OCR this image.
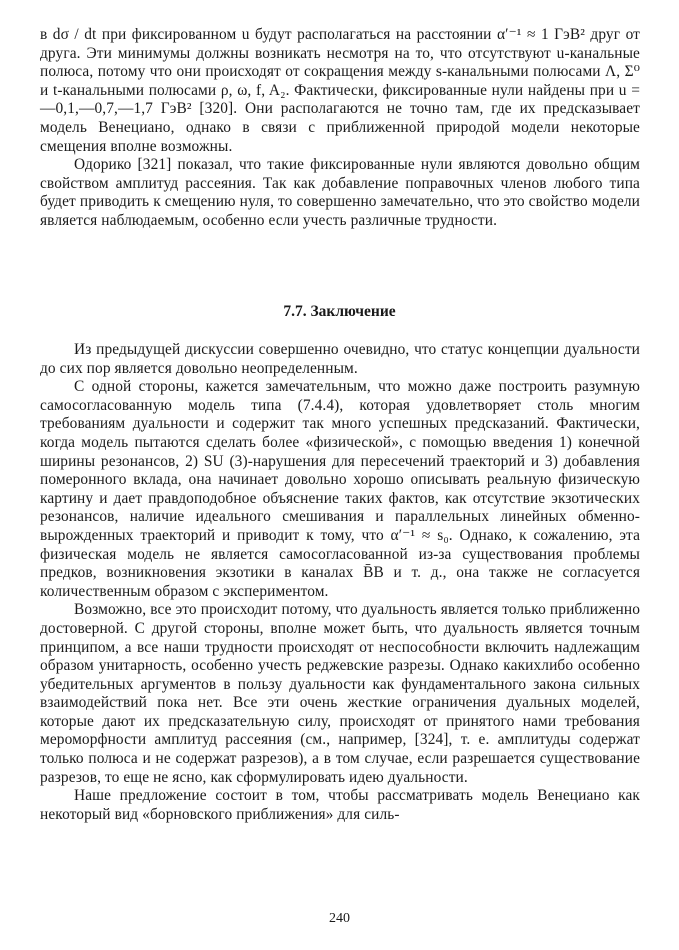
в dσ / dt при фиксированном u будут располагаться на расстоянии α′⁻¹ ≈ 1 ГэВ² друг от друга. Эти минимумы должны возникать несмотря на то, что отсутствуют u-канальные полюса, потому что они происходят от сокращения между s-канальными полюсами Λ, Σ⁰ и t-канальными полюсами ρ, ω, f, A₂. Фактически, фиксированные нули найдены при u = —0,1,—0,7,—1,7 ГэВ² [320]. Они располагаются не точно там, где их предсказывает модель Венециано, однако в связи с приближенной природой модели некоторые смещения вполне возможны.

Одорико [321] показал, что такие фиксированные нули являются довольно общим свойством амплитуд рассеяния. Так как добавление поправочных членов любого типа будет приводить к смещению нуля, то совершенно замечательно, что это свойство модели является наблюдаемым, особенно если учесть различные трудности.

7.7. Заключение

Из предыдущей дискуссии совершенно очевидно, что статус концепции дуальности до сих пор является довольно неопределенным.

С одной стороны, кажется замечательным, что можно даже построить разумную самосогласованную модель типа (7.4.4), которая удовлетворяет столь многим требованиям дуальности и содержит так много успешных предсказаний. Фактически, когда модель пытаются сделать более «физической», с помощью введения 1) конечной ширины резонансов, 2) SU (3)-нарушения для пересечений траекторий и 3) добавления померонного вклада, она начинает довольно хорошо описывать реальную физическую картину и дает правдоподобное объяснение таких фактов, как отсутствие экзотических резонансов, наличие идеального смешивания и параллельных линейных обменно-вырожденных траекторий и приводит к тому, что α′⁻¹ ≈ s₀. Однако, к сожалению, эта физическая модель не является самосогласованной из-за существования проблемы предков, возникновения экзотики в каналах B̄B и т. д., она также не согласуется количественным образом с экспериментом.

Возможно, все это происходит потому, что дуальность является только приближенно достоверной. С другой стороны, вполне может быть, что дуальность является точным принципом, а все наши трудности происходят от неспособности включить надлежащим образом унитарность, особенно учесть реджевские разрезы. Однако какихлибо особенно убедительных аргументов в пользу дуальности как фундаментального закона сильных взаимодействий пока нет. Все эти очень жесткие ограничения дуальных моделей, которые дают их предсказательную силу, происходят от принятого нами требования мероморфности амплитуд рассеяния (см., например, [324], т. е. амплитуды содержат только полюса и не содержат разрезов), а в том случае, если разрешается существование разрезов, то еще не ясно, как сформулировать идею дуальности.

Наше предложение состоит в том, чтобы рассматривать модель Венециано как некоторый вид «борновского приближения» для силь-

240
